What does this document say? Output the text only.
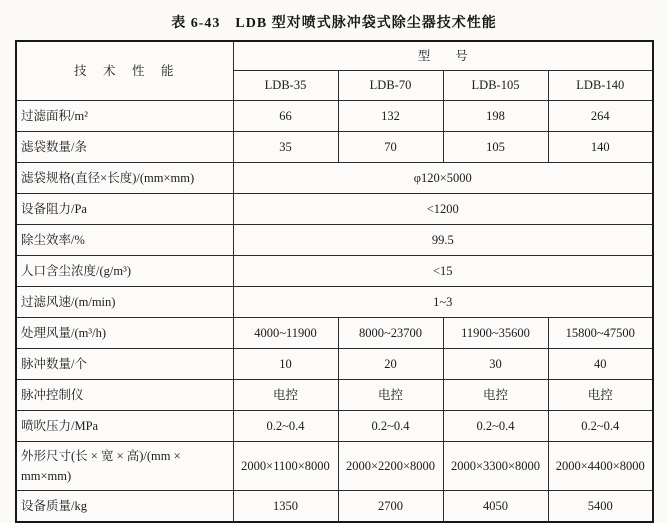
表 6-43　LDB 型对喷式脉冲袋式除尘器技术性能
技　术　性　能	型　　号			
	LDB-35	LDB-70	LDB-105	LDB-140
过滤面积/m²	66	132	198	264
滤袋数量/条	35	70	105	140
滤袋规格(直径×长度)/(mm×mm)	φ120×5000			
设备阻力/Pa	<1200			
除尘效率/%	99.5			
人口含尘浓度/(g/m³)	<15			
过滤风速/(m/min)	1~3			
处理风量/(m³/h)	4000~11900	8000~23700	11900~35600	15800~47500
脉冲数量/个	10	20	30	40
脉冲控制仪	电控	电控	电控	电控
喷吹压力/MPa	0.2~0.4	0.2~0.4	0.2~0.4	0.2~0.4
外形尺寸(长 × 宽 × 高)/(mm × mm×mm)	2000×1100×8000	2000×2200×8000	2000×3300×8000	2000×4400×8000
设备质量/kg	1350	2700	4050	5400
